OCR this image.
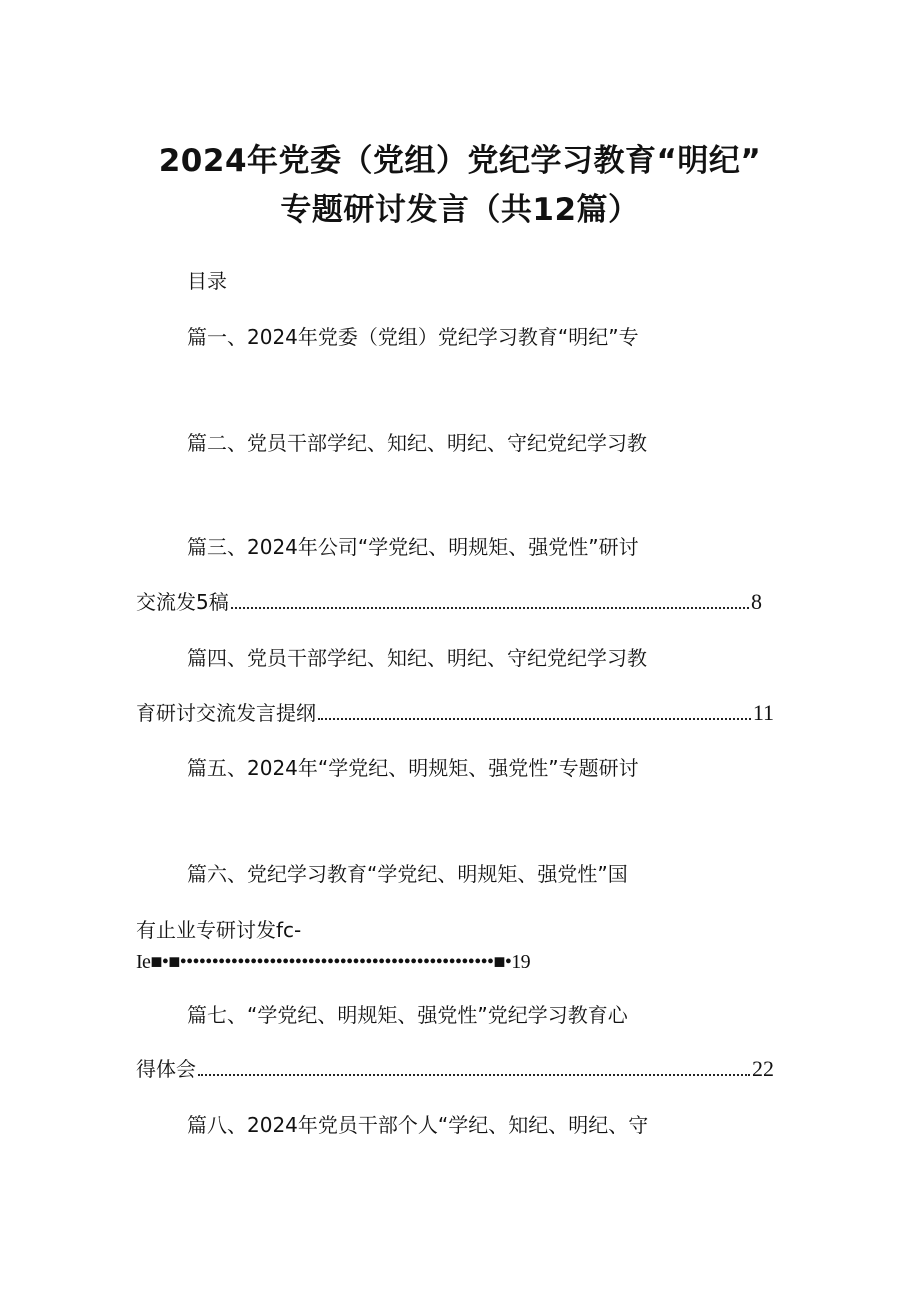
2024年党委（党组）党纪学习教育“明纪”
专题研讨发言（共12篇）
目录
篇一、2024年党委（党组）党纪学习教育“明纪”专
篇二、党员干部学纪、知纪、明纪、守纪党纪学习教
篇三、2024年公司“学党纪、明规矩、强党性”研讨
交流发5稿	8
篇四、党员干部学纪、知纪、明纪、守纪党纪学习教
育研讨交流发言提纲	11
篇五、2024年“学党纪、明规矩、强党性”专题研讨
篇六、党纪学习教育“学党纪、明规矩、强党性”国
有止业专研讨发fc-
Ie■•■•••••••••••••••••••••••••••••••••••••••••••••••••■•19
篇七、“学党纪、明规矩、强党性”党纪学习教育心
得体会	22
篇八、2024年党员干部个人“学纪、知纪、明纪、守
